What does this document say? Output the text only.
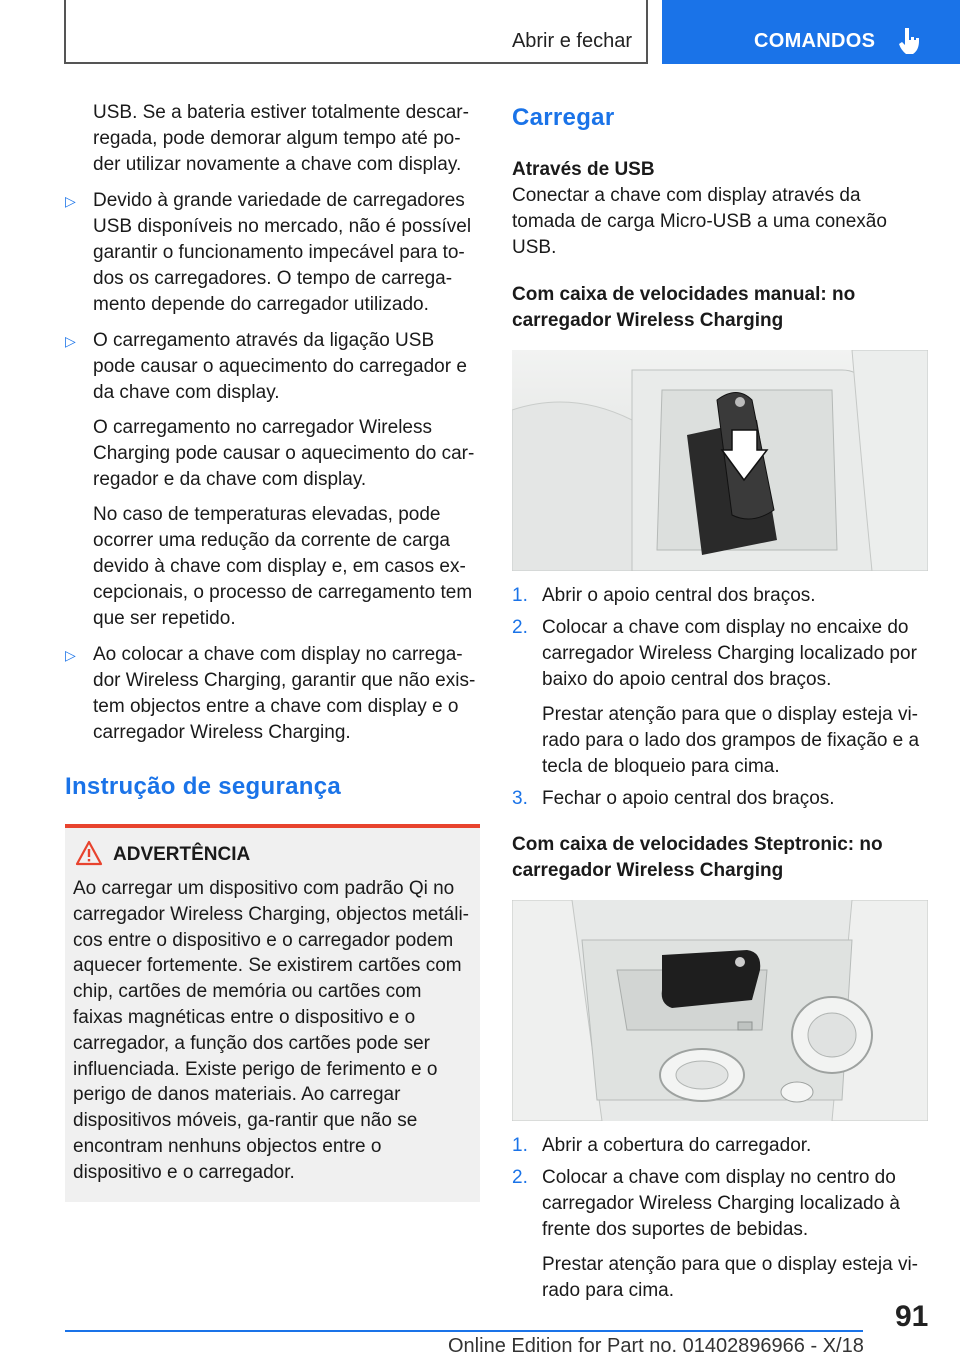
Abrir e fechar	COMANDOS

USB. Se a bateria estiver totalmente descar-regada, pode demorar algum tempo até po-der utilizar novamente a chave com display.

▷ Devido à grande variedade de carregadores USB disponíveis no mercado, não é possível garantir o funcionamento impecável para to-dos os carregadores. O tempo de carrega-mento depende do carregador utilizado.
▷ O carregamento através da ligação USB pode causar o aquecimento do carregador e da chave com display.

O carregamento no carregador Wireless Charging pode causar o aquecimento do car-regador e da chave com display.

No caso de temperaturas elevadas, pode ocorrer uma redução da corrente de carga devido à chave com display e, em casos ex-cepcionais, o processo de carregamento tem que ser repetido.

▷ Ao colocar a chave com display no carrega-dor Wireless Charging, garantir que não exis-tem objectos entre a chave com display e o carregador Wireless Charging.

Instrução de segurança

ADVERTÊNCIA

Ao carregar um dispositivo com padrão Qi no carregador Wireless Charging, objectos metáli-cos entre o dispositivo e o carregador podem aquecer fortemente. Se existirem cartões com chip, cartões de memória ou cartões com faixas magnéticas entre o dispositivo e o carregador, a função dos cartões pode ser influenciada. Existe perigo de ferimento e o perigo de danos materiais. Ao carregar dispositivos móveis, ga-rantir que não se encontram nenhuns objectos entre o dispositivo e o carregador.

Carregar

Através de USB

Conectar a chave com display através da tomada de carga Micro-USB a uma conexão USB.

Com caixa de velocidades manual: no carregador Wireless Charging

1. Abrir o apoio central dos braços.
2. Colocar a chave com display no encaixe do carregador Wireless Charging localizado por baixo do apoio central dos braços.

Prestar atenção para que o display esteja vi-rado para o lado dos grampos de fixação e a tecla de bloqueio para cima.

3. Fechar o apoio central dos braços.

Com caixa de velocidades Steptronic: no carregador Wireless Charging

1. Abrir a cobertura do carregador.
2. Colocar a chave com display no centro do carregador Wireless Charging localizado à frente dos suportes de bebidas.

Prestar atenção para que o display esteja vi-rado para cima.

91
Online Edition for Part no. 01402896966 - X/18
